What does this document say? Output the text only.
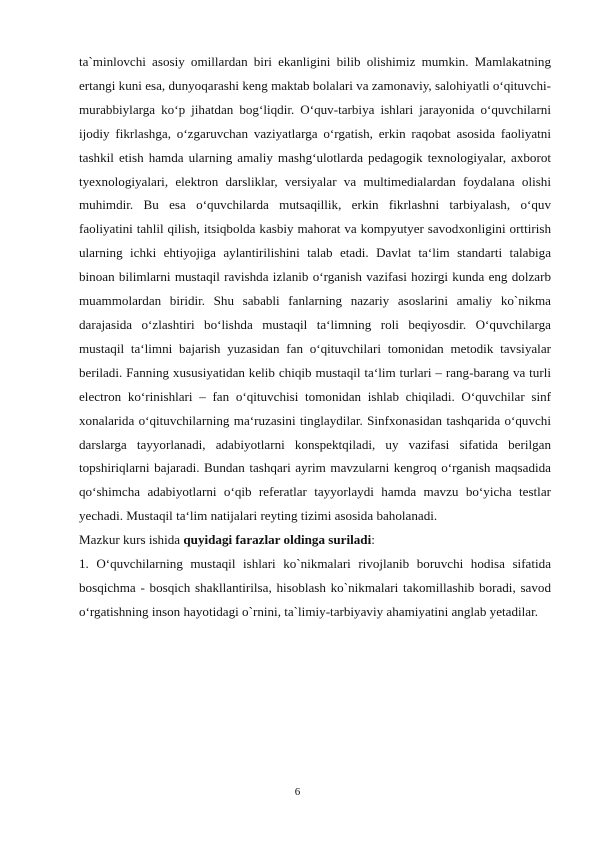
ta`minlovchi asosiy omillardan biri ekanligini bilib olishimiz mumkin. Mamlakatning ertangi kuni esa, dunyoqarashi keng maktab bolalari va zamonaviy, salohiyatli o‘qituvchi-murabbiylarga ko‘p jihatdan bog‘liqdir. O‘quv-tarbiya ishlari jarayonida o‘quvchilarni ijodiy fikrlashga, o‘zgaruvchan vaziyatlarga o‘rgatish, erkin raqobat asosida faoliyatni tashkil etish hamda ularning amaliy mashg‘ulotlarda pedagogik texnologiyalar, axborot tyexnologiyalari, elektron darsliklar, versiyalar va multimedialardan foydalana olishi muhimdir. Bu esa o‘quvchilarda mutsaqillik, erkin fikrlashni tarbiyalash, o‘quv faoliyatini tahlil qilish, itsiqbolda kasbiy mahorat va kompyutyer savodxonligini orttirish ularning ichki ehtiyojiga aylantirilishini talab etadi. Davlat ta‘lim standarti talabiga binoan bilimlarni mustaqil ravishda izlanib o‘rganish vazifasi hozirgi kunda eng dolzarb muammolardan biridir. Shu sababli fanlarning nazariy asoslarini amaliy ko`nikma darajasida o‘zlashtiri bo‘lishda mustaqil ta‘limning roli beqiyosdir. O‘quvchilarga mustaqil ta‘limni bajarish yuzasidan fan o‘qituvchilari tomonidan metodik tavsiyalar beriladi. Fanning xususiyatidan kelib chiqib mustaqil ta‘lim turlari – rang-barang va turli electron ko‘rinishlari – fan o‘qituvchisi tomonidan ishlab chiqiladi. O‘quvchilar sinf xonalarida o‘qituvchilarning ma‘ruzasini tinglaydilar. Sinfxonasidan tashqarida o‘quvchi darslarga tayyorlanadi, adabiyotlarni konspektqiladi, uy vazifasi sifatida berilgan topshiriqlarni bajaradi. Bundan tashqari ayrim mavzularni kengroq o‘rganish maqsadida qo‘shimcha adabiyotlarni o‘qib referatlar tayyorlaydi hamda mavzu bo‘yicha testlar yechadi. Mustaqil ta‘lim natijalari reyting tizimi asosida baholanadi.

Mazkur kurs ishida quyidagi farazlar oldinga suriladi:

1. O‘quvchilarning mustaqil ishlari ko`nikmalari rivojlanib boruvchi hodisa sifatida bosqichma - bosqich shakllantirilsa, hisoblash ko`nikmalari takomillashib boradi, savod o‘rgatishning inson hayotidagi o`rnini, ta`limiy-tarbiyaviy ahamiyatini anglab yetadilar.

6
